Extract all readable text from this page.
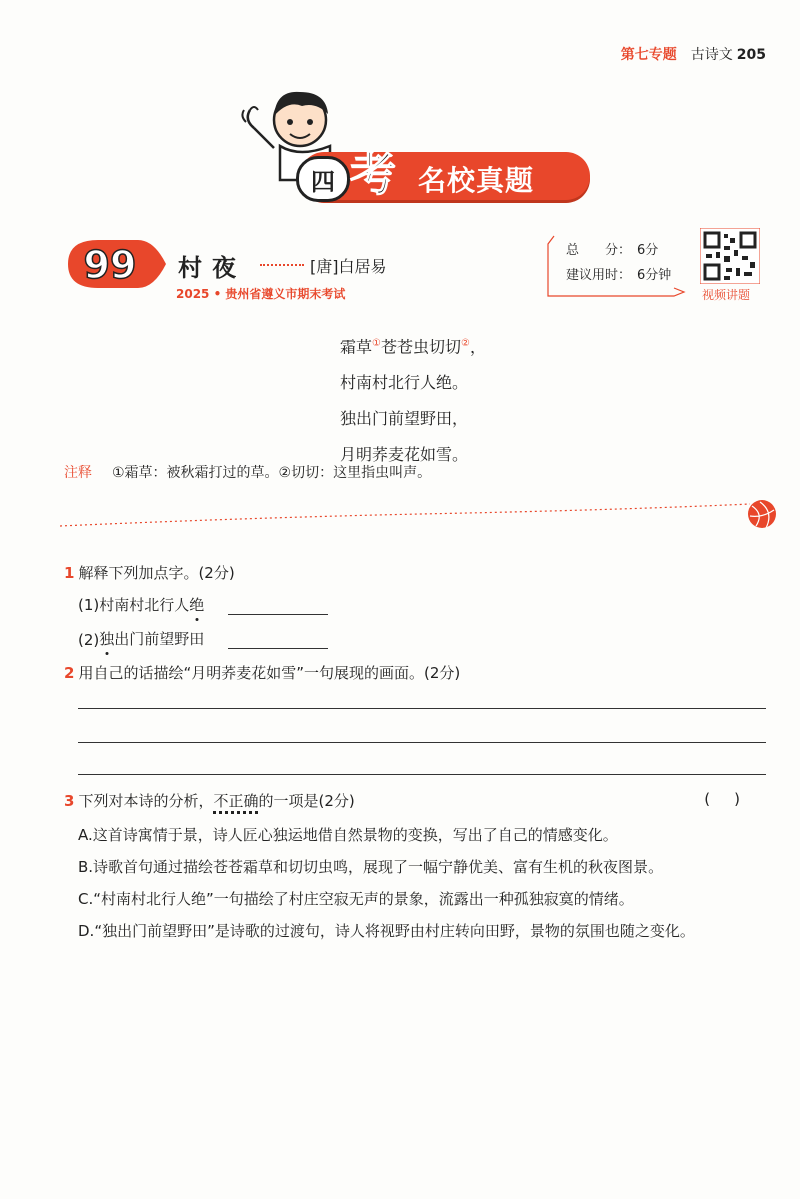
第七专题 古诗文 205
四 考 名校真题
99 村夜	[唐]白居易
2025 • 贵州省遵义市期末考试
总　　分： 6分
建议用时： 6分钟
视频讲题
霜草①苍苍虫切切②，
村南村北行人绝。
独出门前望野田，
月明荞麦花如雪。
注释 ①霜草：被秋霜打过的草。②切切：这里指虫叫声。
1 解释下列加点字。(2分)
(1)村南村北行人 绝
(2) 独 出门前望野田
2 用自己的话描绘“月明荞麦花如雪”一句展现的画面。(2分)
3 下列对本诗的分析，不正确的一项是(2分)	()
A.这首诗寓情于景，诗人匠心独运地借自然景物的变换，写出了自己的情感变化。
B.诗歌首句通过描绘苍苍霜草和切切虫鸣，展现了一幅宁静优美、富有生机的秋夜图景。
C.“村南村北行人绝”一句描绘了村庄空寂无声的景象，流露出一种孤独寂寞的情绪。
D.“独出门前望野田”是诗歌的过渡句，诗人将视野由村庄转向田野，景物的氛围也随之变化。
